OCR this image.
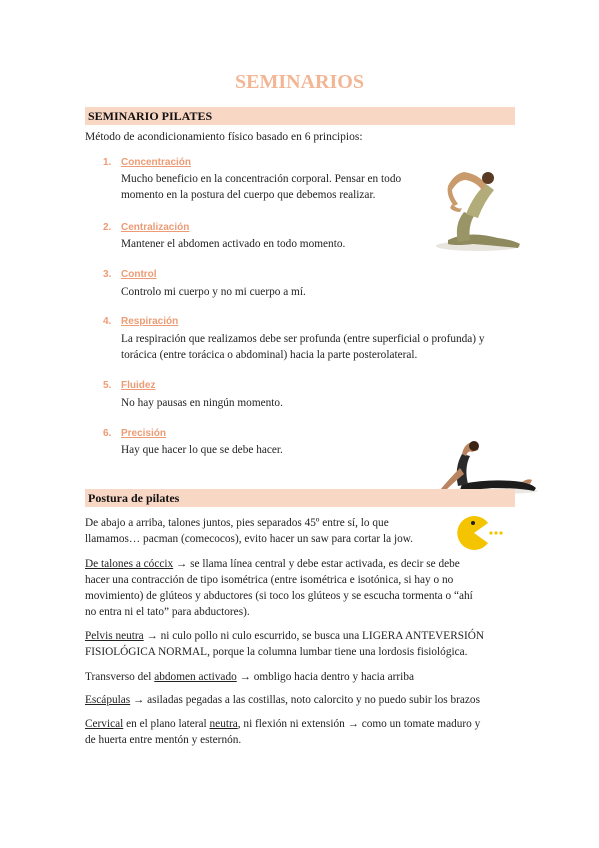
SEMINARIOS
SEMINARIO PILATES
Método de acondicionamiento físico basado en 6 principios:
1. Concentración
Mucho beneficio en la concentración corporal. Pensar en todo
momento en la postura del cuerpo que debemos realizar.
2. Centralización
Mantener el abdomen activado en todo momento.
3. Control
Controlo mi cuerpo y no mi cuerpo a mí.
4. Respiración
La respiración que realizamos debe ser profunda (entre superficial o profunda) y
torácica (entre torácica o abdominal) hacia la parte posterolateral.
5. Fluidez
No hay pausas en ningún momento.
6. Precisión
Hay que hacer lo que se debe hacer.
Postura de pilates
De abajo a arriba, talones juntos, pies separados 45º entre sí, lo que
llamamos… pacman (comecocos), evito hacer un saw para cortar la jow.
De talones a cóccix → se llama línea central y debe estar activada, es decir se debe
hacer una contracción de tipo isométrica (entre isométrica e isotónica, si hay o no
movimiento) de glúteos y abductores (si toco los glúteos y se escucha tormenta o “ahí
no entra ni el tato” para abductores).
Pelvis neutra → ni culo pollo ni culo escurrido, se busca una LIGERA ANTEVERSIÓN
FISIOLÓGICA NORMAL, porque la columna lumbar tiene una lordosis fisiológica.
Transverso del abdomen activado → ombligo hacia dentro y hacia arriba
Escápulas → asiladas pegadas a las costillas, noto calorcito y no puedo subir los brazos
Cervical en el plano lateral neutra, ni flexión ni extensión → como un tomate maduro y
de huerta entre mentón y esternón.
